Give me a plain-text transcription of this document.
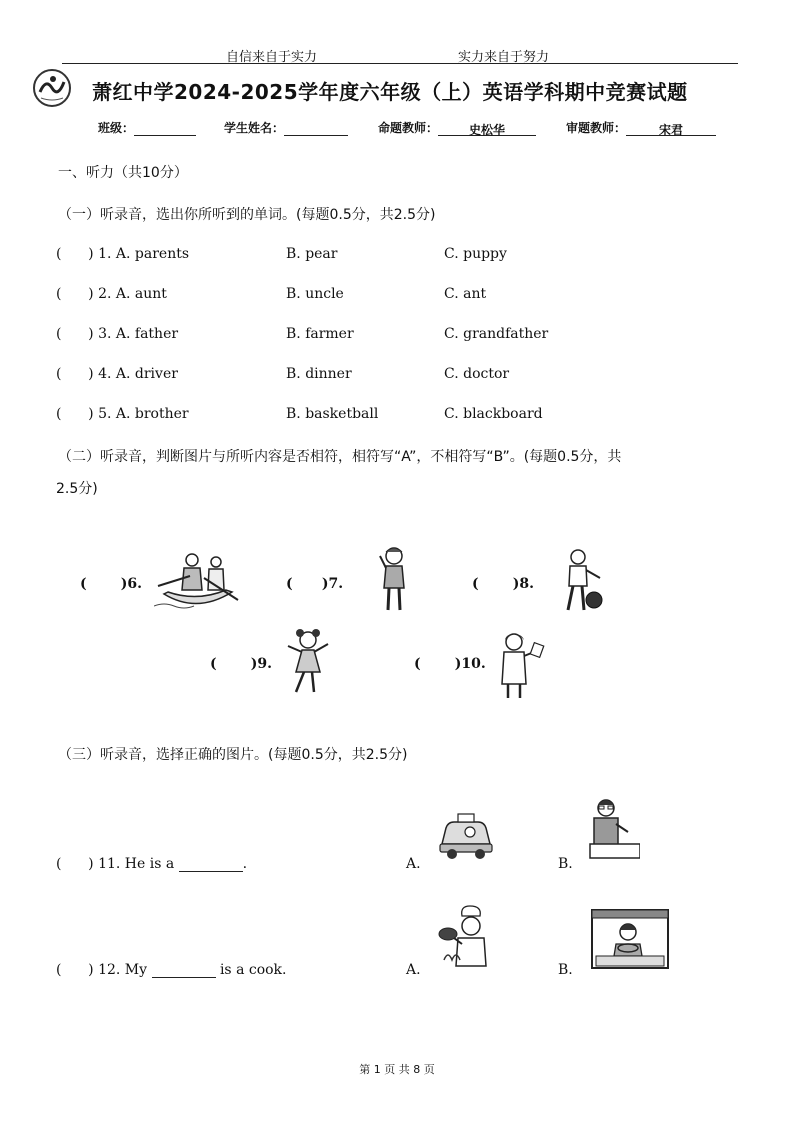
自信来自于实力	实力来自于努力
萧红中学2024-2025学年度六年级（上）英语学科期中竞赛试题
班级：	学生姓名：	命题教师：	史松华	审题教师：	宋君
一、听力（共10分）
（一）听录音，选出你所听到的单词。(每题0.5分，共2.5分)
(      ) 1. A. parents	B. pear	C. puppy
(      ) 2. A. aunt	B. uncle	C. ant
(      ) 3. A. father	B. farmer	C. grandfather
(      ) 4. A. driver	B. dinner	C. doctor
(      ) 5. A. brother	B. basketball	C. blackboard
（二）听录音，判断图片与所听内容是否相符，相符写“A”，不相符写“B”。(每题0.5分，共
2.5分)
(       )6.	(      )7.	(       )8.
(       )9.	(       )10.
（三）听录音，选择正确的图片。(每题0.5分，共2.5分)
(      ) 11. He is a	.	A.	B.
(      ) 12. My	is a cook.	A.	B.
第 1 页 共 8 页
